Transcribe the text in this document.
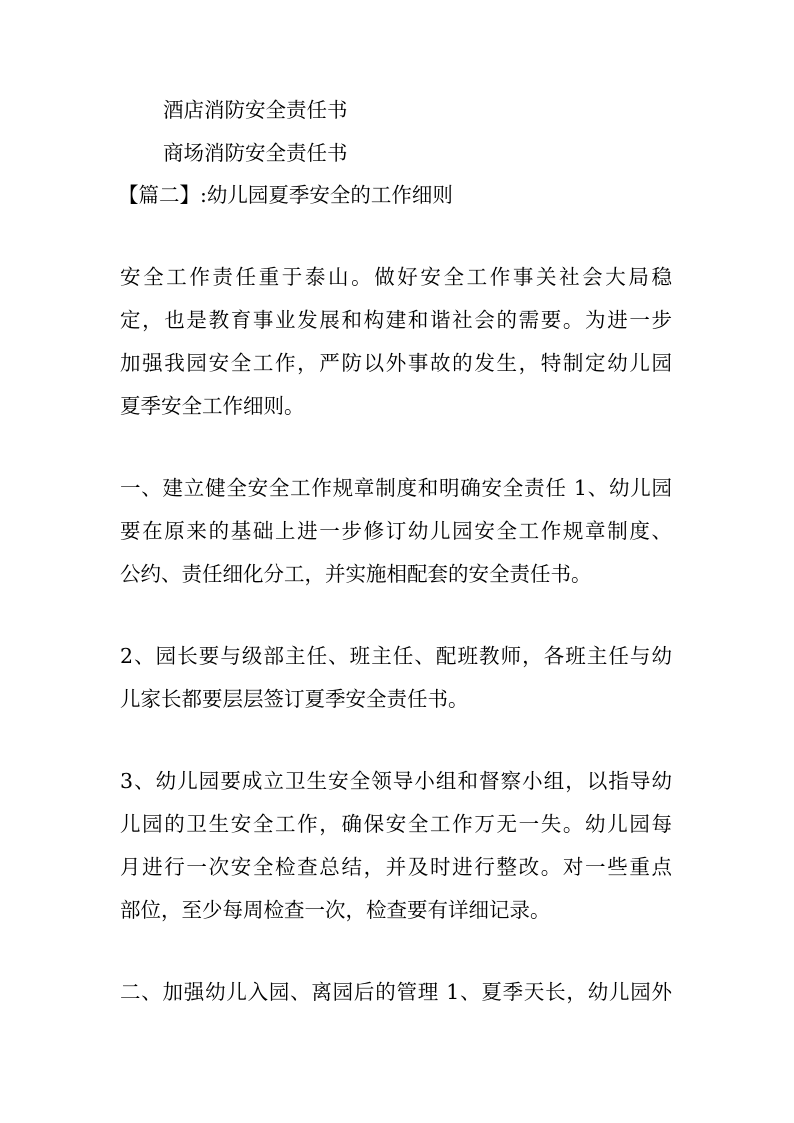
酒店消防安全责任书
商场消防安全责任书
【篇二】:幼儿园夏季安全的工作细则
安全工作责任重于泰山。做好安全工作事关社会大局稳
定，也是教育事业发展和构建和谐社会的需要。为进一步
加强我园安全工作，严防以外事故的发生，特制定幼儿园
夏季安全工作细则。
一、建立健全安全工作规章制度和明确安全责任 1、幼儿园
要在原来的基础上进一步修订幼儿园安全工作规章制度、
公约、责任细化分工，并实施相配套的安全责任书。
2、园长要与级部主任、班主任、配班教师，各班主任与幼
儿家长都要层层签订夏季安全责任书。
3、幼儿园要成立卫生安全领导小组和督察小组，以指导幼
儿园的卫生安全工作，确保安全工作万无一失。幼儿园每
月进行一次安全检查总结，并及时进行整改。对一些重点
部位，至少每周检查一次，检查要有详细记录。
二、加强幼儿入园、离园后的管理 1、夏季天长，幼儿园外
